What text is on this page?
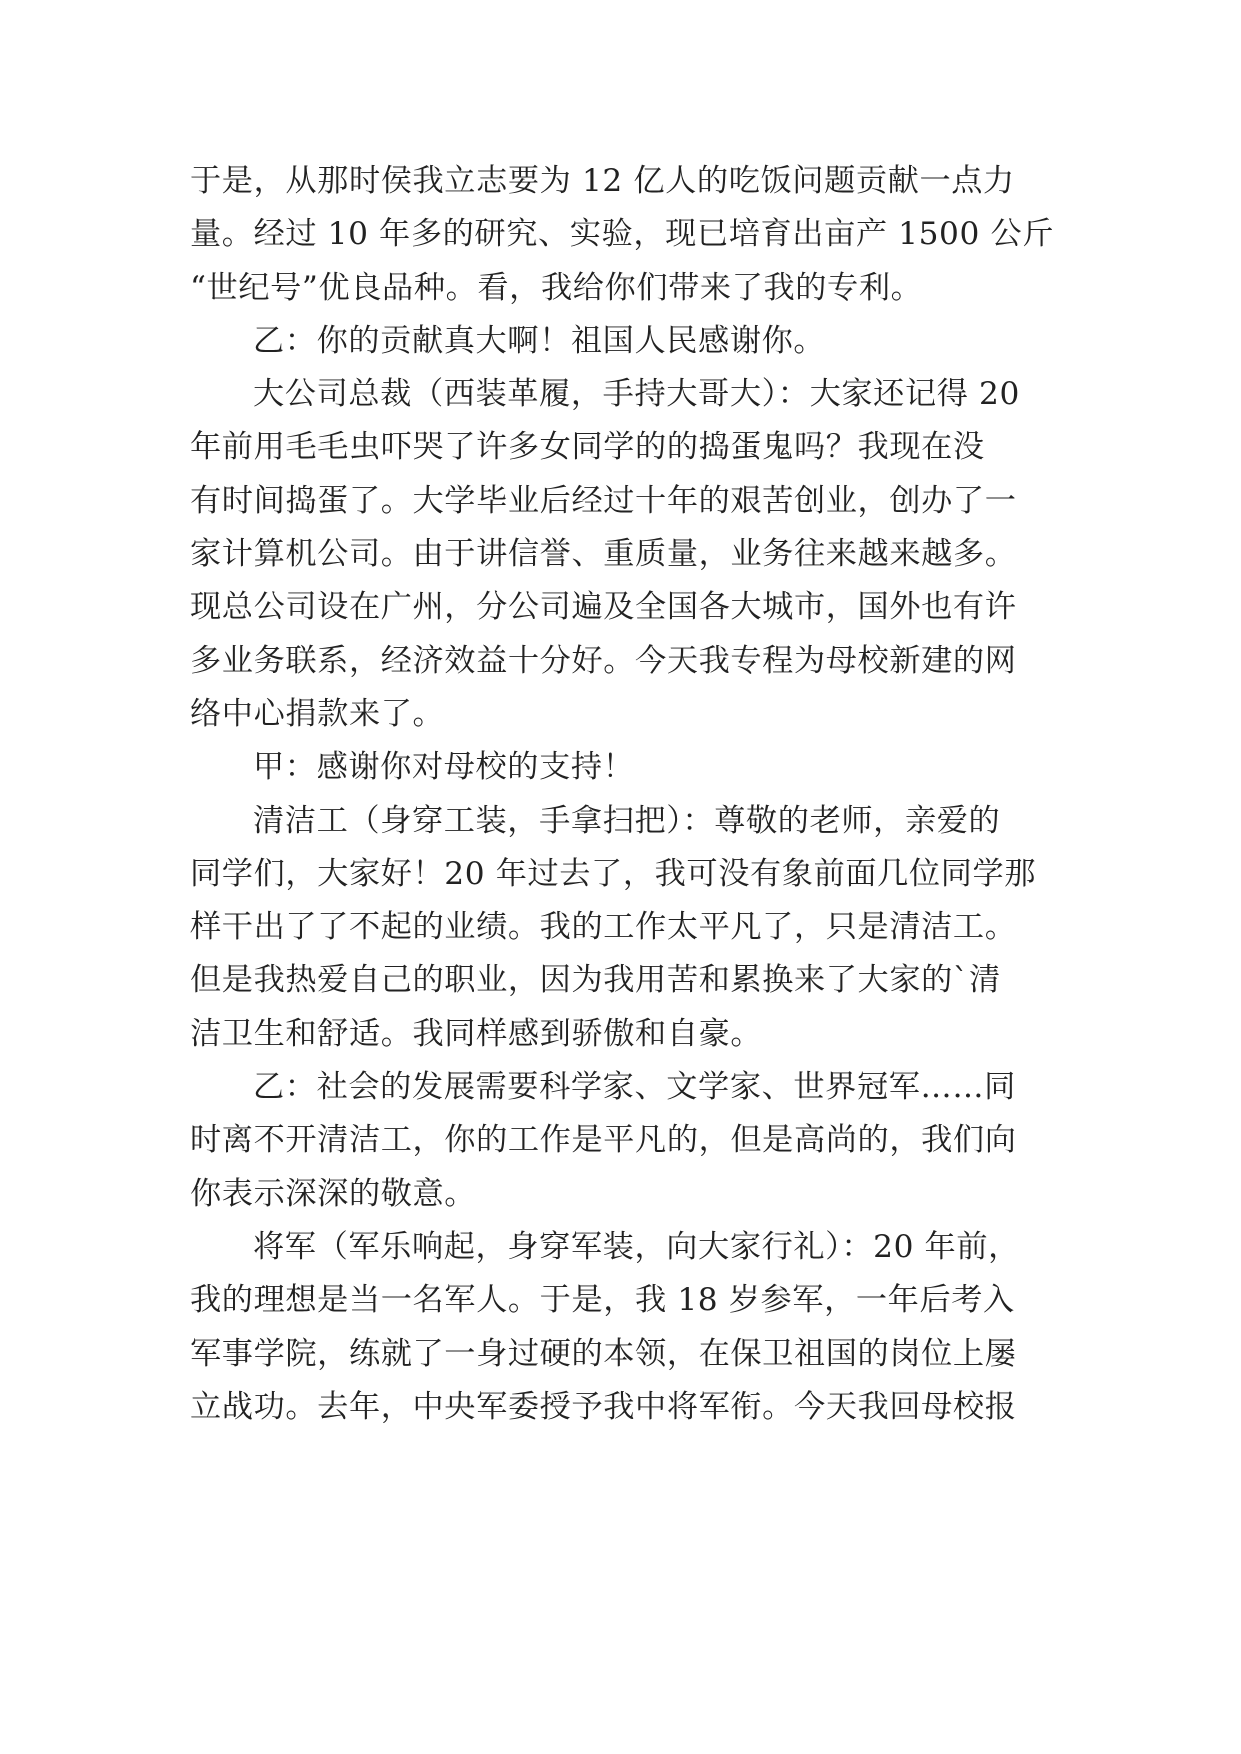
于是，从那时侯我立志要为 12 亿人的吃饭问题贡献一点力
量。经过 10 年多的研究、实验，现已培育出亩产 1500 公斤
“世纪号”优良品种。看，我给你们带来了我的专利。
乙：你的贡献真大啊！祖国人民感谢你。
大公司总裁（西装革履，手持大哥大）：大家还记得 20
年前用毛毛虫吓哭了许多女同学的的捣蛋鬼吗？我现在没
有时间捣蛋了。大学毕业后经过十年的艰苦创业，创办了一
家计算机公司。由于讲信誉、重质量，业务往来越来越多。
现总公司设在广州，分公司遍及全国各大城市，国外也有许
多业务联系，经济效益十分好。今天我专程为母校新建的网
络中心捐款来了。
甲：感谢你对母校的支持！
清洁工（身穿工装，手拿扫把）：尊敬的老师，亲爱的
同学们，大家好！20 年过去了，我可没有象前面几位同学那
样干出了了不起的业绩。我的工作太平凡了，只是清洁工。
但是我热爱自己的职业，因为我用苦和累换来了大家的`清
洁卫生和舒适。我同样感到骄傲和自豪。
乙：社会的发展需要科学家、文学家、世界冠军……同
时离不开清洁工，你的工作是平凡的，但是高尚的，我们向
你表示深深的敬意。
将军（军乐响起，身穿军装，向大家行礼）：20 年前，
我的理想是当一名军人。于是，我 18 岁参军，一年后考入
军事学院，练就了一身过硬的本领，在保卫祖国的岗位上屡
立战功。去年，中央军委授予我中将军衔。今天我回母校报
